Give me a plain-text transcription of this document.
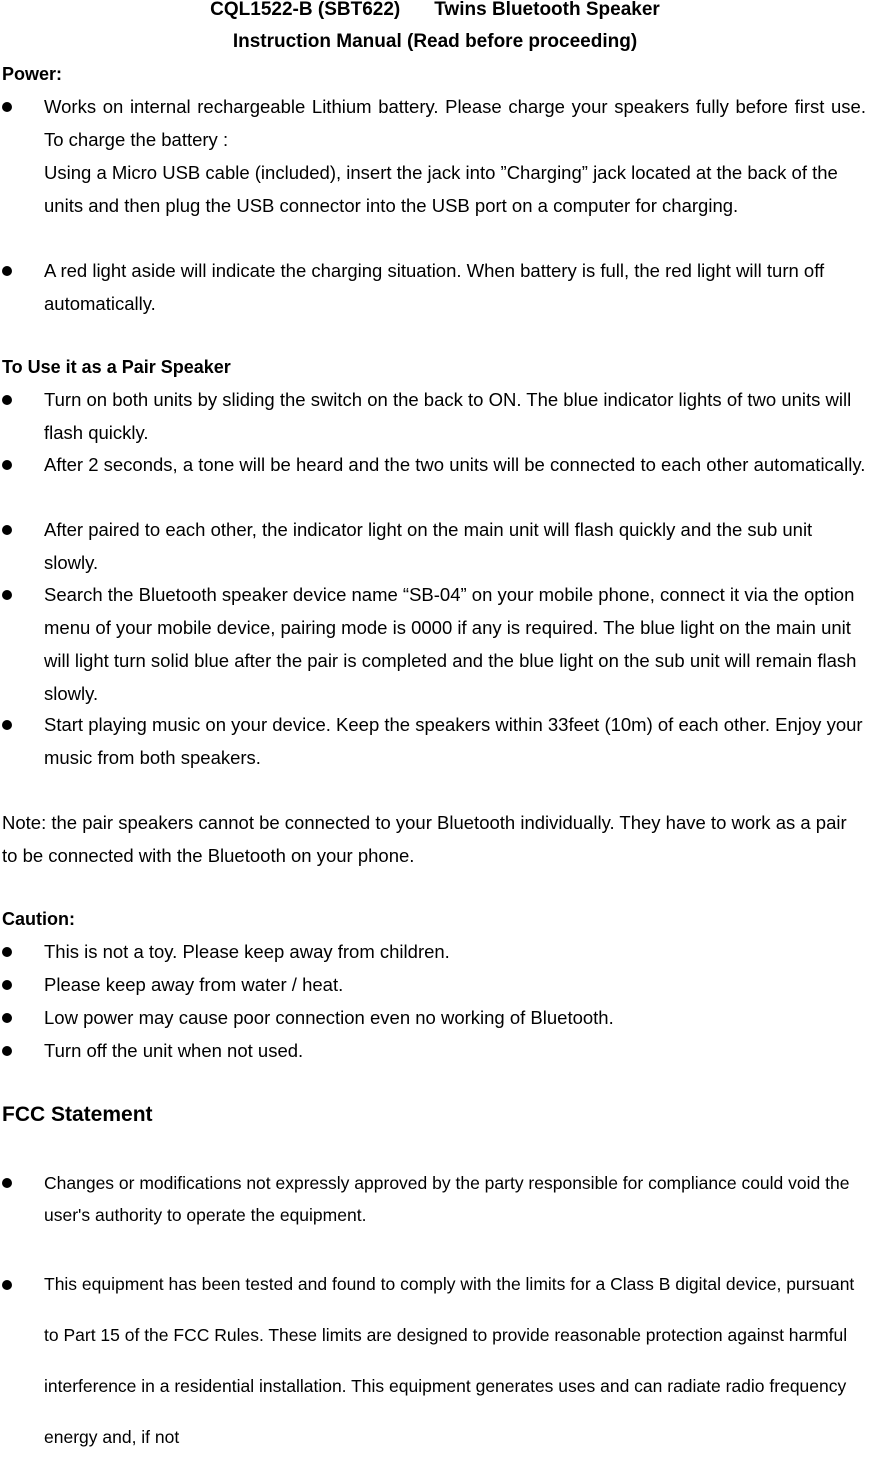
CQL1522-B (SBT622) Twins Bluetooth Speaker
Instruction Manual (Read before proceeding)
Power:
Works on internal rechargeable Lithium battery. Please charge your speakers fully before first use. To charge the battery :
Using a Micro USB cable (included), insert the jack into ”Charging” jack located at the back of the units and then plug the USB connector into the USB port on a computer for charging.
A red light aside will indicate the charging situation. When battery is full, the red light will turn off automatically.
To Use it as a Pair Speaker
Turn on both units by sliding the switch on the back to ON. The blue indicator lights of two units will flash quickly.
After 2 seconds, a tone will be heard and the two units will be connected to each other automatically.
After paired to each other, the indicator light on the main unit will flash quickly and the sub unit slowly.
Search the Bluetooth speaker device name “SB-04” on your mobile phone, connect it via the option menu of your mobile device, pairing mode is 0000 if any is required. The blue light on the main unit will light turn solid blue after the pair is completed and the blue light on the sub unit will remain flash slowly.
Start playing music on your device. Keep the speakers within 33feet (10m) of each other. Enjoy your music from both speakers.
Note: the pair speakers cannot be connected to your Bluetooth individually. They have to work as a pair to be connected with the Bluetooth on your phone.
Caution:
This is not a toy. Please keep away from children.
Please keep away from water / heat.
Low power may cause poor connection even no working of Bluetooth.
Turn off the unit when not used.
FCC Statement
Changes or modifications not expressly approved by the party responsible for compliance could void the user's authority to operate the equipment.
This equipment has been tested and found to comply with the limits for a Class B digital device, pursuant to Part 15 of the FCC Rules. These limits are designed to provide reasonable protection against harmful interference in a residential installation. This equipment generates uses and can radiate radio frequency energy and, if not
